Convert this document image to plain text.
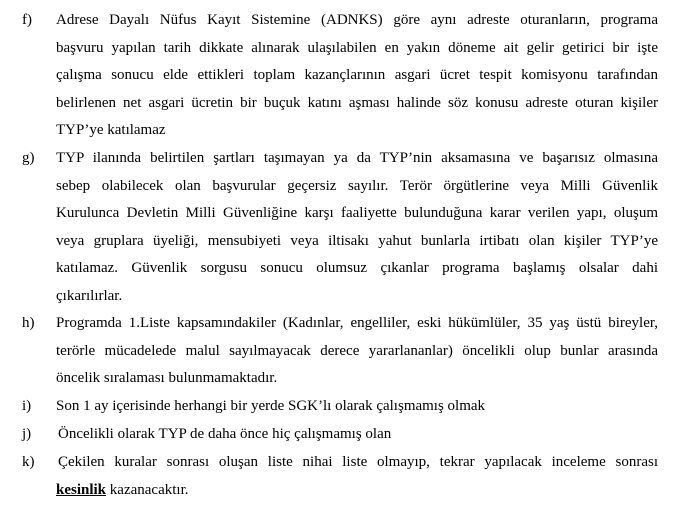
f) Adrese Dayalı Nüfus Kayıt Sistemine (ADNKS) göre aynı adreste oturanların, programa
başvuru yapılan tarih dikkate alınarak ulaşılabilen en yakın döneme ait gelir getirici bir işte
çalışma sonucu elde ettikleri toplam kazançlarının asgari ücret tespit komisyonu tarafından
belirlenen net asgari ücretin bir buçuk katını aşması halinde söz konusu adreste oturan kişiler
TYP’ye katılamaz
g) TYP ilanında belirtilen şartları taşımayan ya da TYP’nin aksamasına ve başarısız olmasına
sebep olabilecek olan başvurular geçersiz sayılır. Terör örgütlerine veya Milli Güvenlik
Kurulunca Devletin Milli Güvenliğine karşı faaliyette bulunduğuna karar verilen yapı, oluşum
veya gruplara üyeliği, mensubiyeti veya iltisakı yahut bunlarla irtibatı olan kişiler TYP’ye
katılamaz. Güvenlik sorgusu sonucu olumsuz çıkanlar programa başlamış olsalar dahi
çıkarılırlar.
h) Programda 1.Liste kapsamındakiler (Kadınlar, engelliler, eski hükümlüler, 35 yaş üstü bireyler,
terörle mücadelede malul sayılmayacak derece yararlananlar) öncelikli olup bunlar arasında
öncelik sıralaması bulunmamaktadır.
i) Son 1 ay içerisinde herhangi bir yerde SGK’lı olarak çalışmamış olmak
j) Öncelikli olarak TYP de daha önce hiç çalışmamış olan
k) Çekilen kuralar sonrası oluşan liste nihai liste olmayıp, tekrar yapılacak inceleme sonrası
kesinlik kazanacaktır.
